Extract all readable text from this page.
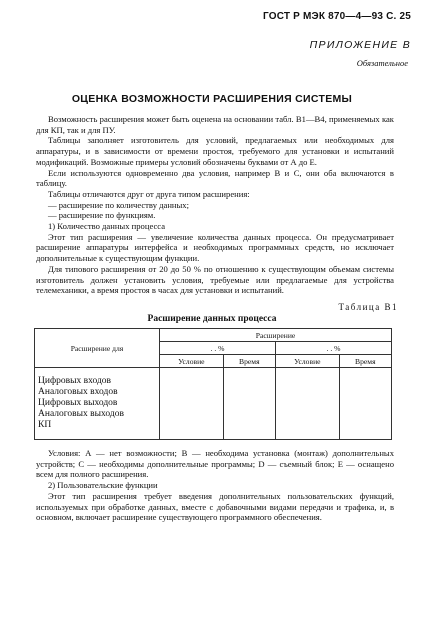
ГОСТ Р МЭК 870—4—93 С. 25
ПРИЛОЖЕНИЕ В
Обязательное
ОЦЕНКА ВОЗМОЖНОСТИ РАСШИРЕНИЯ СИСТЕМЫ

Возможность расширения может быть оценена на основании табл. В1—В4, применяемых как для КП, так и для ПУ.

Таблицы заполняет изготовитель для условий, предлагаемых или необходимых для аппаратуры, и в зависимости от времени простоя, требуемого для установки и испытаний модификаций. Возможные примеры условий обозначены буквами от А до Е.

Если используются одновременно два условия, например В и С, они оба включаются в таблицу.

Таблицы отличаются друг от друга типом расширения:

— расширение по количеству данных;

— расширение по функциям.

1) Количество данных процесса

Этот тип расширения — увеличение количества данных процесса. Он предусматривает расширение аппаратуры интерфейса и необходимых программных средств, но исключает дополнительные к существующим функции.

Для типового расширения от 20 до 50 % по отношению к существующим объемам системы изготовитель должен установить условия, требуемые или предлагаемые для устройства телемеханики, а время простоя в часах для установки и испытаний.

Таблица В1
Расширение данных процесса
Расширение для	Расширение			
	. . %		. . %	
	Условие	Время	Условие	Время

Цифровых входов
Аналоговых входов
Цифровых выходов
Аналоговых выходов
КП				

Условия: А — нет возможности; В — необходима установка (монтаж) дополнительных устройств; С — необходимы дополнительные программы; D — съемный блок; Е — оснащено всем для полного расширения.

2) Пользовательские функции

Этот тип расширения требует введения дополнительных пользовательских функций, используемых при обработке данных, вместе с добавочными видами передачи и трафика, и, в основном, включает расширение существующего программного обеспечения.
